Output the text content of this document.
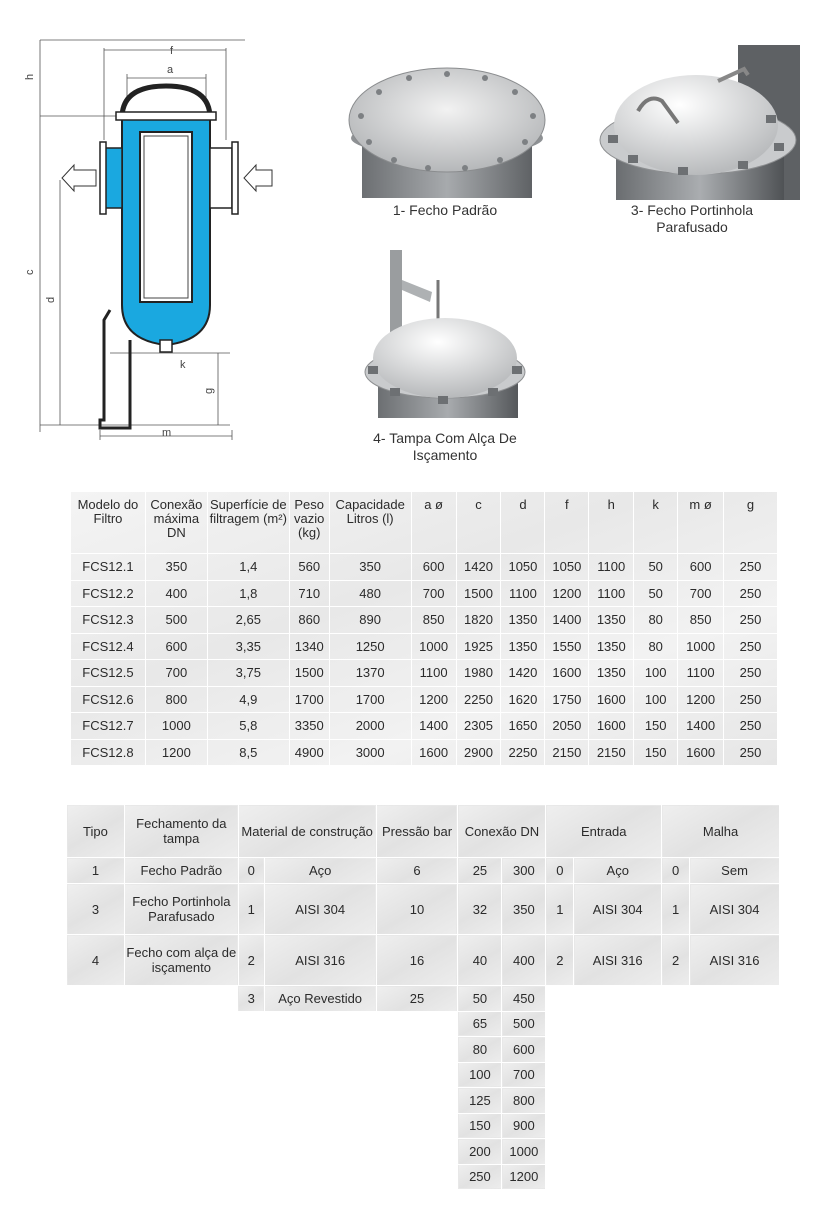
f
a
h
c
d
g
k
m
1- Fecho Padrão	3- Fecho Portinhola Parafusado
4- Tampa Com Alça De Isçamento
Modelo do Filtro	Conexão máxima DN	Superfície de filtragem (m²)	Peso vazio (kg)	Capacidade Litros (l)	a ø	c	d	f	h	k	m ø	g
FCS12.1	350	1,4	560	350	600	1420	1050	1050	1100	50	600	250
FCS12.2	400	1,8	710	480	700	1500	1100	1200	1100	50	700	250
FCS12.3	500	2,65	860	890	850	1820	1350	1400	1350	80	850	250
FCS12.4	600	3,35	1340	1250	1000	1925	1350	1550	1350	80	1000	250
FCS12.5	700	3,75	1500	1370	1100	1980	1420	1600	1350	100	1100	250
FCS12.6	800	4,9	1700	1700	1200	2250	1620	1750	1600	100	1200	250
FCS12.7	1000	5,8	3350	2000	1400	2305	1650	2050	1600	150	1400	250
FCS12.8	1200	8,5	4900	3000	1600	2900	2250	2150	2150	150	1600	250
Tipo	Fechamento da tampa	Material de construção		Pressão bar	Conexão DN		Entrada		Malha	
1	Fecho Padrão	0	Aço	6	25	300	0	Aço	0	Sem
3	Fecho Portinhola Parafusado	1	AISI 304	10	32	350	1	AISI 304	1	AISI 304
4	Fecho com alça de isçamento	2	AISI 316	16	40	400	2	AISI 316	2	AISI 316
		3	Aço Revestido	25	50	450				
					65	500				
					80	600				
					100	700				
					125	800				
					150	900				
					200	1000				
					250	1200				
